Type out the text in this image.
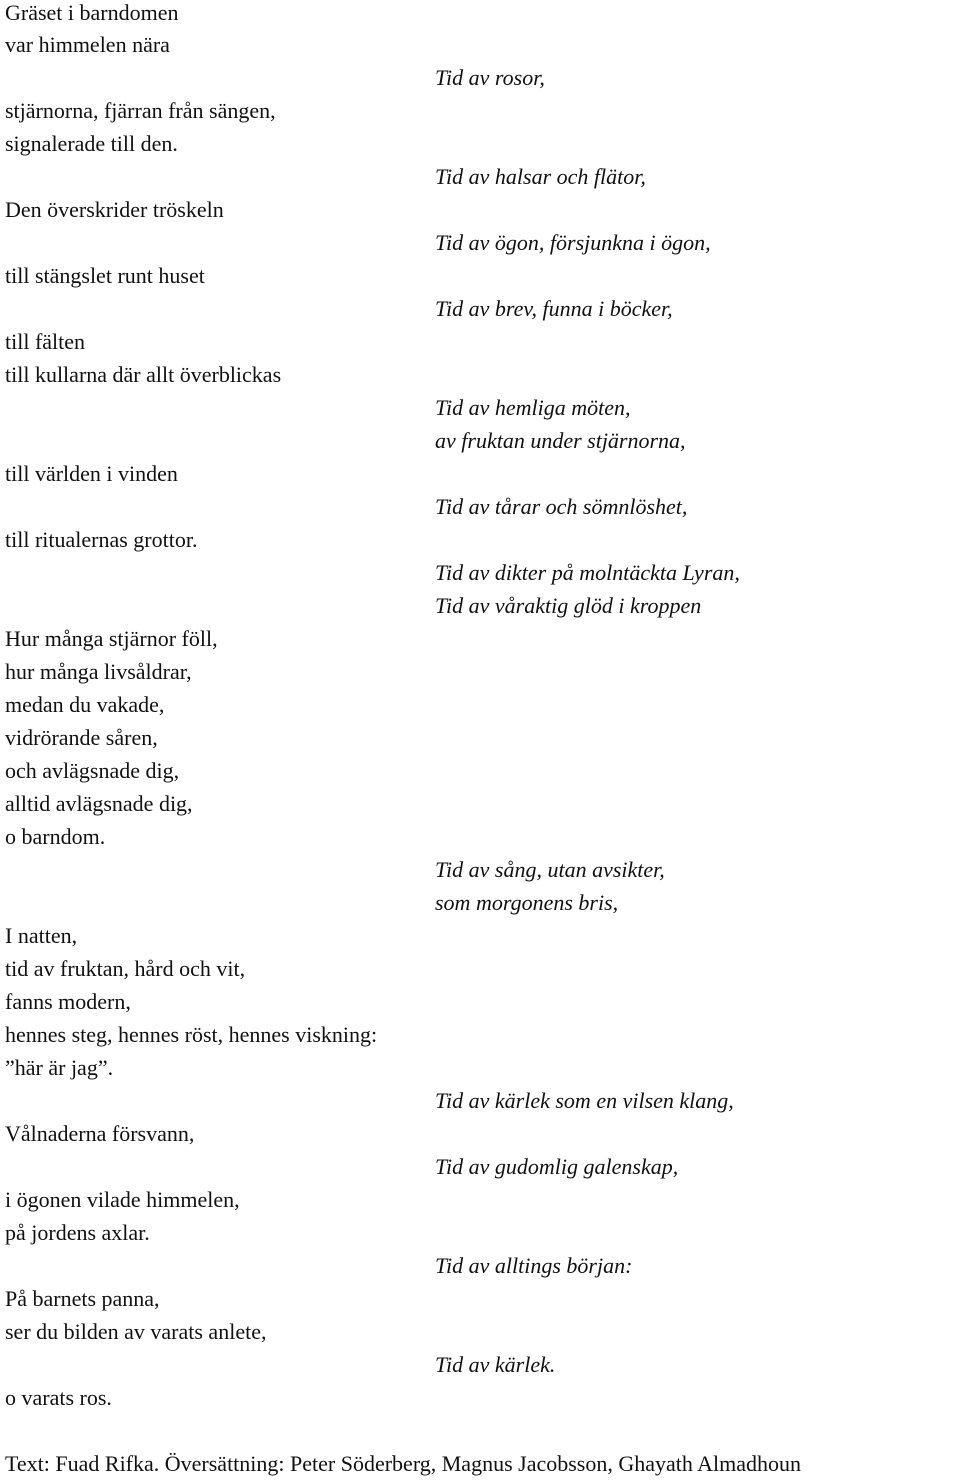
Gräset i barndomen
var himmelen nära
stjärnorna, fjärran från sängen,
signalerade till den.
Den överskrider tröskeln
till stängslet runt huset
till fälten
till kullarna där allt överblickas
till världen i vinden
till ritualernas grottor.
Hur många stjärnor föll,
hur många livsåldrar,
medan du vakade,
vidrörande såren,
och avlägsnade dig,
alltid avlägsnade dig,
o barndom.
I natten,
tid av fruktan, hård och vit,
fanns modern,
hennes steg, hennes röst, hennes viskning:
”här är jag”.
Vålnaderna försvann,
i ögonen vilade himmelen,
på jordens axlar.
På barnets panna,
ser du bilden av varats anlete,
o varats ros.
Tid av rosor,
Tid av halsar och flätor,
Tid av ögon, försjunkna i ögon,
Tid av brev, funna i böcker,
Tid av hemliga möten,
av fruktan under stjärnorna,
Tid av tårar och sömnlöshet,
Tid av dikter på molntäckta Lyran,
Tid av våraktig glöd i kroppen
Tid av sång, utan avsikter,
som morgonens bris,
Tid av kärlek som en vilsen klang,
Tid av gudomlig galenskap,
Tid av alltings början:
Tid av kärlek.
Text: Fuad Rifka. Översättning: Peter Söderberg, Magnus Jacobsson, Ghayath Almadhoun
